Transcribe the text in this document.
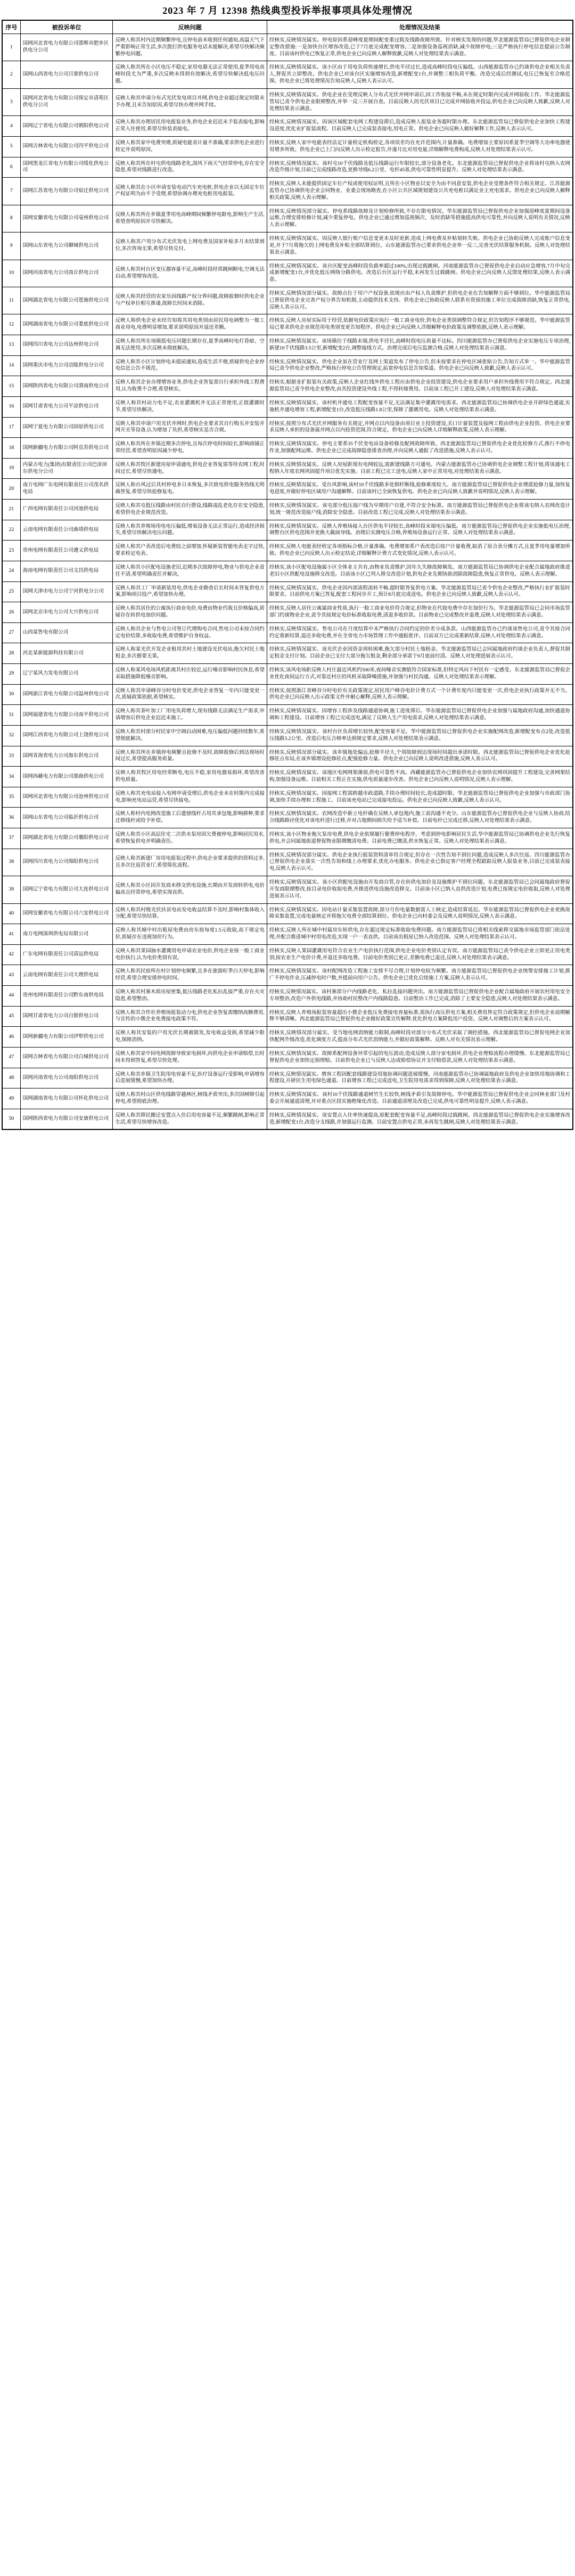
2023 年 7 月 12398 热线典型投诉举报事项具体处理情况
序号	被投诉单位	反映问题	处理情况及结果
1	国网河北省电力有限公司邯郸市肥乡区供电分公司	反映人称其村内近期频繁停电,且停电前未收到任何通知,高温天气下严重影响正常生活,多次拨打供电服务电话未能解决,希望尽快解决频繁停电问题。	经核实,反映情况属实。停电原因系迎峰度夏期间配变重过载及线路故障所致。针对核实发现的问题,华北能源监管局已督促供电企业制定整改措施:一是加快台区增容改造,已于7月底完成配变增容;二是加强设备巡视消缺,减少故障停电;三是严格执行停电信息提前公告制度。目前该村供电已恢复正常,供电企业已向反映人解释致歉,反映人对处理结果表示满意。
2	国网山西省电力公司吕梁供电公司	反映人称其所在小区电压不稳定,家用电器无法正常使用,夏季用电高峰时段尤为严重,多次反映未得到有效解决,希望尽快解决低电压问题。	经核实,反映情况属实。该小区由于用电负荷快速增长,供电半径过长,造成高峰时段电压偏低。山西能源监管办已约谈供电企业相关负责人,督促其立即整改。供电企业已对该台区实施增容改造,新增配变1台,并调整三相负荷平衡。改造完成后经测试,电压已恢复至合格范围。供电企业已将处理情况告知反映人,反映人表示认可。
3	国网河北省电力有限公司保定市清苑区供电分公司	反映人称其申请分布式光伏发电项目并网,供电企业超过规定时限未予办理,且未告知原因,希望尽快办理并网手续。	经核实,反映情况属实。供电企业在受理反映人分布式光伏并网申请后,因工作衔接不畅,未在规定时限内完成并网验收工作。华北能源监管局已责令供电企业限期整改,并举一反三开展自查。目前反映人的光伏项目已完成并网验收并投运,供电企业已向反映人致歉,反映人对处理结果表示满意。
4	国网辽宁省电力有限公司朝阳供电公司	反映人称其办理居民用电报装业务,供电企业迟迟未予装表接电,影响正常入住使用,希望尽快装表接电。	经核实,反映情况属实。因该区域配套电网工程建设滞后,造成反映人报装业务超时限办理。东北能源监管局已督促供电企业加快工程建设进度,优化业扩报装流程。目前反映人已完成装表接电,用电正常。供电企业已向反映人做好解释工作,反映人表示认可。
5	国网吉林省电力有限公司四平供电公司	反映人称其家中电费突增,质疑电能表计量不准确,要求供电企业进行检定并说明原因。	经核实,反映人家中电能表经法定计量检定机构检定,各项误差均在允许范围内,计量准确。电费增加主要原因系夏季空调等大功率电器使用增多所致。供电企业已上门向反映人出示检定报告,并逐月比对用电量,详细解释电费构成,反映人对处理结果表示认可。
6	国网黑龙江省电力有限公司绥化供电公司	反映人称其所在村屯供电线路老化,刮风下雨天气经常停电,存在安全隐患,希望对线路进行改造。	经核实,反映情况属实。该村屯10千伏线路及低压线路运行年限较长,部分设备老化。东北能源监管局已督促供电企业将该村屯纳入农网改造升级计划,目前已完成线路改造,更换导线6.2公里、电杆45基,供电可靠性明显提升。反映人对处理结果表示满意。
7	国网江苏省电力有限公司宿迁供电公司	反映人称其在小区申请安装电动汽车充电桩,供电企业以无固定车位产权证明为由不予受理,希望协调办理充电桩用电报装。	经核实,反映人未能提供固定车位产权或使用权证明,且所在小区物业以安全为由不同意安装,供电企业受理条件符合相关规定。江苏能源监管办已协调供电企业会同物业、业委会现场勘查,在小区公共区域规划建设公共充电桩以满足业主充电需求。供电企业已向反映人解释相关政策,反映人表示理解。
8	国网安徽省电力有限公司亳州供电公司	反映人称其所在乡镇夏季用电高峰期间频繁停电限电,影响生产生活,希望查明原因并尽快解决。	经核实,反映情况部分属实。停电系线路故障及计划检修所致,不存在限电情况。华东能源监管局已督促供电企业加强迎峰度夏期间设备运维,合理安排检修计划,减少重复停电。供电企业已通过增加巡视频次、及时消缺等措施提高供电可靠性,并向反映人说明有关情况,反映人表示理解。
9	国网山东省电力公司聊城供电公司	反映人称其户用分布式光伏发电上网电费及国家补贴多月未结算到位,多次咨询无果,希望尽快兑付。	经核实,反映情况属实。因反映人银行账户信息变更未及时更新,造成上网电费及补贴划转失败。供电企业已协助反映人完成账户信息变更,并于7月将拖欠的上网电费及补贴全部结算到位。山东能源监管办已要求供电企业举一反三,完善光伏结算服务机制。反映人对处理结果表示满意。
10	国网河南省电力公司商丘供电公司	反映人称其村台区变压器容量不足,高峰时段经常跳闸断电,空调无法启动,希望增容改造。	经核实,反映情况属实。该台区配变高峰时段负载率超过100%,出现过载跳闸。河南能源监管办已督促供电企业启动应急增容,7月中旬完成新增配变1台,并优化低压网络分路供电。改造后台区运行平稳,未再发生过载跳闸。供电企业已向反映人反馈处理结果,反映人表示满意。
11	国网湖北省电力有限公司恩施供电公司	反映人称其经营的农家乐因线路产权分界问题,故障报修时供电企业与产权单位相互推诿,故障长时间未消除。	经核实,反映情况部分属实。故障点位于用户产权设备,依规应由产权人负责维护,但供电企业在告知解释方面不够到位。华中能源监管局已督促供电企业完善产权分界告知机制,主动提供技术支持。供电企业已协助反映人联系有资质的施工单位完成故障消缺,恢复正常供电,反映人表示认可。
12	国网湖南省电力有限公司娄底供电公司	反映人称供电企业未经告知将其用电类别由居民用电调整为一般工商业用电,电费明显增加,要求说明原因并退还差额。	经核实,反映人房屋实际用于经营,依据电价政策应执行一般工商业电价,供电企业类别调整符合规定,但告知程序不够规范。华中能源监管局已要求供电企业规范用电类别变更告知程序。供电企业已向反映人详细解释电价政策及调整依据,反映人表示理解。
13	国网四川省电力公司达州供电公司	反映人称其所在场镇低电压问题长期存在,夏季高峰时电灯昏暗、空调无法使用,多次反映未彻底解决。	经核实,反映情况属实。该场镇位于线路末端,供电半径长,高峰时段电压质量不达标。四川能源监管办已督促供电企业实施电压专项治理,新建10千伏线路3.5公里,新增配变2台,调整接线方式。治理完成后电压监测合格,反映人对处理结果表示满意。
14	国网重庆市电力公司涪陵供电分公司	反映人称其小区计划停电未提前通知,造成生活不便,质疑供电企业停电信息公告不规范。	经核实,反映情况属实。供电企业虽在营业厅及网上渠道发布了停电公告,但未按要求在停电区域张贴公告,告知方式单一。华中能源监管局已责令供电企业整改,严格执行停电公告管理规定,拓宽停电信息告知渠道。供电企业已向反映人致歉,反映人表示认可。
15	国网陕西省电力有限公司渭南供电公司	反映人称其企业办理增容业务,供电企业答复需自行承担外线工程费用,认为收费不合理,希望核实。	经核实,根据业扩报装有关政策,反映人企业红线外供电工程应由供电企业投资建设,供电企业要求用户承担外线费用不符合规定。西北能源监管局已责令供电企业整改,由其投资建设外线工程,不得转嫁费用。目前该工程已开工建设,反映人对处理结果表示满意。
16	国网甘肃省电力公司平凉供电公司	反映人称其村动力电不足,农业灌溉机井无法正常使用,正值灌溉时节,希望尽快解决。	经核实,反映情况属实。该村机井通电工程配变容量不足,无法满足集中灌溉用电需求。西北能源监管局已协调供电企业开辟绿色通道,实施机井通电增容工程,新增配变1台,改造低压线路1.8公里,保障了灌溉用电。反映人对处理结果表示满意。
17	国网宁夏电力有限公司固原供电公司	反映人称其申请户用光伏并网时,供电企业要求其自行购买并安装并网开关等设备,认为增加了负担,希望核实是否合规。	经核实,按照分布式光伏并网服务有关规定,并网点以内设备由项目业主投资建设,关口计量装置及接网工程由供电企业投资。供电企业要求反映人承担的设备属并网点以内投资范围,符合规定。供电企业已向反映人详细解释政策,反映人表示理解。
18	国网新疆电力有限公司阿克苏供电公司	反映人称其所在乡镇近期多次停电,且每次停电时间较长,影响商铺正常经营,希望查明原因减少停电。	经核实,反映情况属实。停电主要系35千伏变电站设备检修及配网故障所致。西北能源监管局已督促供电企业优化检修方式,推行不停电作业,加强配网运维。供电企业已完成故障隐患排查治理,并向反映人通报了改进措施,反映人表示认可。
19	内蒙古电力(集团)有限责任公司巴彦淖尔供电分公司	反映人称其牧区新建房屋申请通电,供电企业答复需等待农网工程,时间过长,希望尽快通电。	经核实,反映情况属实。反映人房屋距现有电网较远,需新建线路方可通电。内蒙古能源监管办已协调供电企业调整工程计划,将该通电工程纳入年度农网巩固提升项目优先实施。目前工程已完工送电,反映人家中正常用电,对处理结果表示满意。
20	南方电网广东电网有限责任公司茂名供电局	反映人称台风过后其村停电多日未恢复,多次致电供电服务热线无明确答复,希望尽快抢修复电。	经核实,反映情况属实。受台风影响,该村10千伏线路多处倒杆断线,抢修难度较大。南方能源监管局已督促供电企业增派抢修力量,加快复电进度,并做好停电区域用户沟通解释。目前该村已全面恢复供电。供电企业已向反映人致歉并说明情况,反映人表示理解。
21	广西电网有限责任公司河池供电局	反映人称其屯低压线路由村民自行搭设,线路凌乱老化存在安全隐患,希望供电企业规范改造。	经核实,反映情况属实。该屯部分低压接户线为早期用户自建,不符合安全标准。南方能源监管局已督促供电企业将该屯纳入农网改造计划,统一规范改造接户线,消除安全隐患。目前改造工程已完成,反映人对处理结果表示满意。
22	云南电网有限责任公司曲靖供电局	反映人称其养殖场用电电压偏低,增氧设备无法正常运行,造成经济损失,希望尽快解决电压问题。	经核实,反映情况属实。反映人养殖场接入台区供电半径较长,高峰时段末端电压偏低。南方能源监管局已督促供电企业实施低电压治理,调整台区供电范围并更换大截面导线。治理后实测电压合格,养殖场设备运行正常。反映人对处理结果表示满意。
23	贵州电网有限责任公司遵义供电局	反映人称其户表改造后电费较之前增加,怀疑新装智能电表走字过快,要求检定电表。	经核实,反映人电能表经检定各项指标合格,计量准确。电费增加系户表改造后按户计量收费,取消了原合表分摊方式,且夏季用电量增加所致。供电企业已向反映人出示检定结论,详细解释计费方式变化情况,反映人表示认可。
24	海南电网有限责任公司文昌供电局	反映人称其小区配电设施老旧,近期多次故障停电,物业与供电企业责任不清,希望明确责任并解决。	经核实,该小区配电设施属小区全体业主共有,由物业负责维护,因年久失修故障频发。南方能源监管局已协调供电企业配合属地政府推进老旧小区供配电设施移交改造。目前该小区已列入移交改造计划,供电企业先期协助消除故障隐患,恢复正常供电。反映人表示理解。
25	国网天津市电力公司宁河供电分公司	反映人称其工厂申请新装用电,供电企业勘查后长时间未答复供电方案,影响项目投产,希望加快办理。	经核实,反映情况属实。供电企业因内部流程流转不畅,超时限答复供电方案。华北能源监管局已责令供电企业整改,严格执行业扩报装时限要求。目前供电方案已答复,配套工程同步开工,预计8月底完成送电。供电企业已向反映人致歉,反映人表示认可。
26	国网北京市电力公司大兴供电公司	反映人称其居住的公寓执行商业电价,电费由物业代收且价格偏高,质疑存在转供电加价问题。	经核实,反映人居住公寓属商业性质,执行一般工商业电价符合规定,但物业在代收电费中存在加价行为。华北能源监管局已会同市场监管部门约谈物业企业,责令其按规定电价标准收取电费,清退多收价款。目前物业已完成整改并退费,反映人对处理结果表示满意。
27	山西某售电有限公司	反映人称其企业与售电公司签订代理购电合同,售电公司未按合同约定电价结算,多收取电费,希望维护自身权益。	经核实,反映情况属实。售电公司在月度结算中未严格执行合同约定的价差分成条款。山西能源监管办已约谈该售电公司,责令其按合同约定重新结算,退还多收电费,并在全省电力市场管理工作中通报批评。目前双方已完成重新结算,反映人对处理结果表示满意。
28	河北某新能源科技有限公司	反映人称某光伏开发企业租用其村土地建设光伏电站,拖欠村民土地租金,多次催要无果。	经核实,反映情况属实。该光伏企业因资金周转困难,拖欠部分村民土地租金。华北能源监管局已会同属地政府约谈企业负责人,督促其制定租金支付计划。目前企业已支付大部分拖欠租金,剩余部分承诺于9月底前付清。反映人对处理进展表示认可。
29	辽宁某风力发电有限公司	反映人称某风电场风机距离其村庄较近,运行噪音影响村民休息,希望采取措施降低噪音影响。	经核实,该风电场距反映人村庄最近风机约500米,夜间噪音实测值符合国家标准,但特定风向下村民有一定感受。东北能源监管局已督促企业优化夜间运行方式,对靠近村庄的风机采取降噪措施,并加强与村民沟通。反映人对处理结果表示理解。
30	国网浙江省电力有限公司温州供电公司	反映人称其申请峰谷分时电价变更,供电企业答复一年内只能变更一次,质疑政策依据,希望核实。	经核实,按照浙江省峰谷分时电价有关政策规定,居民用户峰谷电价计费方式一个计费年度内只能变更一次,供电企业执行政策并无不当。供电企业已向反映人出示政策文件并耐心解释,反映人表示理解。
31	国网福建省电力有限公司南平供电公司	反映人称其茶叶加工厂用电负荷增大,现有线路无法满足生产需求,申请增容后供电企业迟迟未施工。	经核实,反映情况属实。因增容工程涉及线路通道协调,施工进度滞后。华东能源监管局已督促供电企业加强与属地政府沟通,加快通道协调和工程建设。目前增容工程已完成送电,满足了反映人生产用电需求,反映人对处理结果表示满意。
32	国网江西省电力有限公司上饶供电公司	反映人称其村部分村民家中空调启动困难,电压偏低问题持续数年,希望彻底解决。	经核实,反映情况属实。该村台区负荷增长较快,配变容量不足。华中能源监管局已督促供电企业实施配网改造,新增配变布点2处,改造低压线路3.2公里。改造后电压合格率达到规定要求,反映人对处理结果表示满意。
33	国网青海省电力公司海东供电公司	反映人称其所在乡镇停电频繁且抢修不及时,故障报修后到达现场时间过长,希望提高服务质量。	经核实,反映情况部分属实。该乡镇地处偏远,抢修半径大,个别故障到达现场时间超出承诺时限。西北能源监管局已督促供电企业优化抢修驻点布局,在该乡镇增设抢修驻点,配强抢修力量。供电企业已向反映人说明改进措施,反映人表示认可。
34	国网西藏电力有限公司那曲供电公司	反映人称其牧区用电经常断电,电压不稳,家用电器易损坏,希望改善供电质量。	经核实,反映情况属实。该地区电网网架薄弱,供电可靠性不高。西藏能源监管办已督促供电企业加快农网巩固提升工程建设,完善网架结构,加强设备运维。目前相关工程正在实施,供电质量逐步改善。供电企业已向反映人说明情况,反映人表示理解。
35	国网河北省电力有限公司沧州供电公司	反映人称其充电站接入电网申请受理后,供电企业未在时限内完成接电,影响充电站运营,希望尽快接电。	经核实,反映情况属实。因接网工程需跨越市政道路,手续办理时间较长,造成超时限。华北能源监管局已督促供电企业加强与市政部门协调,加快手续办理和工程施工。目前该充电站已完成接电投运。供电企业已向反映人致歉,反映人表示认可。
36	国网山东省电力公司临沂供电公司	反映人称村内电网改造施工后遗留线杆占用其承包地,影响耕种,要求迁移线杆或给予补偿。	经核实,反映情况属实。农网改造中新立电杆确在反映人承包地内,施工前沟通不充分。山东能源监管办已督促供电企业与反映人协商,结合线路路径优化对该电杆进行迁移,并对占地期间损失给予适当补偿。目前电杆已完成迁移,反映人对处理结果表示满意。
37	国网湖北省电力有限公司襄阳供电公司	反映人称其小区高层住宅二次供水泵房因欠费被停电,影响居民用水,希望恢复供电并明确责任。	经核实,该小区物业拖欠泵房电费,供电企业依规履行催费停电程序。考虑到停电影响居民生活,华中能源监管局已协调供电企业先行恢复供电,并会同属地街道督促物业限期缴清电费。目前电费已缴清,供水恢复正常。反映人对处理结果表示满意。
38	国网四川省电力公司绵阳供电公司	反映人称其新建厂房用电报装过程中,供电企业要求提供的资料过多,且多次往返营业厅,希望简化流程。	经核实,反映情况部分属实。供电企业执行报装资料清单符合规定,但存在一次性告知不到位问题,造成反映人多次往返。四川能源监管办已督促供电企业落实一次性告知和线上办理要求,优化办电服务。供电企业已指定客户经理全程跟踪反映人报装业务,目前已完成装表接电,反映人表示认可。
39	国网辽宁省电力有限公司大连供电公司	反映人称其小区因开发商未移交供电设施,长期由开发商转供电,电价偏高且经常停电,希望实现直供。	经核实,反映情况属实。该小区供配电设施由开发商自管,存在转供电加价及设施维护不到位问题。东北能源监管局已会同属地政府督促开发商限期整改,按目录电价收取电费,并推进供电设施改造移交。目前该小区已纳入直供改造计划,电费已按规定电价收取,反映人对处理进展表示认可。
40	国网安徽省电力有限公司六安供电公司	反映人称其村级光伏扶贫电站发电收益结算不及时,影响村集体收入分配,希望尽快结算。	经核实,反映情况属实。因电站计量采集装置故障,部分月份电量数据需人工核定,造成结算延迟。华东能源监管局已督促供电企业更换故障采集装置,完成电量核定并将拖欠电费全部结算到位。供电企业已向村委会及反映人说明情况,反映人表示满意。
41	南方电网深圳供电局有限公司	反映人称其城中村出租屋电费由房东按每度1.5元收取,高于规定电价,质疑存在违规加价行为。	经核实,反映人所在城中村属房东转供电,存在超过规定标准收取电费问题。南方能源监管局已将相关线索移交属地市场监管部门依法处理,并配合推进城中村用电改造,实现一户一表直供。目前该出租屋已纳入改造范围。反映人对处理结果表示认可。
42	广东电网有限责任公司清远供电局	反映人称其果园抽水灌溉用电申请农业电价,供电企业按一般工商业电价执行,认为电价类别有误。	经核实,反映人果园灌溉用电符合农业生产电价执行范围,供电企业电价类别认定有误。南方能源监管局已责令供电企业立即更正用电类别,按农业生产电价计费,并退还多收电费。目前电价类别已更正,差额电费已退还,反映人对处理结果表示满意。
43	云南电网有限责任公司大理供电局	反映人称其民宿所在村计划停电频繁,且多在旅游旺季白天停电,影响经营,希望合理安排停电时间。	经核实,反映情况属实。该村配网改造工程施工安排不尽合理,计划停电较为频繁。南方能源监管局已督促供电企业统筹安排施工计划,推广不停电作业,压减停电时户数,并提前向用户公告。供电企业已优化后续施工方案,反映人表示认可。
44	贵州电网有限责任公司黔东南供电局	反映人称其村寨木质房屋密集,低压线路老化私拉乱接严重,存在火灾隐患,希望整治。	经核实,反映情况属实。该村寨部分户内线路老化、私拉乱接问题突出。南方能源监管局已督促供电企业配合属地政府开展农村用电安全专项整治,改造户外供电线路,并协助村民整改户内线路隐患。目前整治工作已完成,消除了主要安全隐患,反映人对处理结果表示满意。
45	国网甘肃省电力公司白银供电公司	反映人称其合作社养殖场报装动力电,供电企业答复需缴纳高额费用,与宣传的小微企业免费接电政策不符。	经核实,反映人养殖场报装容量超出小微企业低压免费接电容量标准,需执行高压供电方案,相关费用界定符合政策规定,但供电企业前期解释不够清晰。西北能源监管局已督促供电企业做好政策宣传解释,优化供电方案降低用户投资。反映人对调整后的方案表示认可。
46	国网新疆电力有限公司伊犁供电公司	反映人称其安装的户用光伏长期被限发,发电收益受损,希望减少限电,保障消纳。	经核实,反映情况部分属实。受当地电网消纳能力限制,高峰时段对部分分布式光伏采取了调控措施。西北能源监管局已督促电网企业加快配网升级改造,优化调度方式,提高分布式光伏消纳能力,并做好政策解释。反映人对有关情况表示理解。
47	国网吉林省电力有限公司白城供电公司	反映人称其家中因电网故障导致家电损坏,向供电企业申请赔偿,长时间未得到答复,希望尽快处理。	经核实,反映情况属实。故障系配网设备异常引起的电压波动,造成反映人部分家电损坏,供电企业理赔流程办理缓慢。东北能源监管局已督促供电企业加快定损理赔。目前供电企业已与反映人达成赔偿协议并支付赔偿款,反映人对处理结果表示满意。
48	国网河南省电力公司南阳供电公司	反映人称其乡镇卫生院用电容量不足,医疗设备运行受影响,申请增容后进展缓慢,希望加快办理。	经核实,反映情况属实。增容工程因配套线路建设用地协调问题进展缓慢。河南能源监管办已协调属地政府及供电企业加快用地协调和工程建设,开辟民生用电绿色通道。目前增容工程已完成送电,卫生院用电需求得到保障,反映人对处理结果表示满意。
49	国网湖南省电力有限公司怀化供电公司	反映人称其村山区供电线路穿越林区,树线矛盾突出,多次因树障引起停电,希望彻底治理。	经核实,反映情况属实。该村10千伏线路通道树竹生长较快,树线矛盾引发故障停电。华中能源监管局已督促供电企业会同林业部门及村委会开展通道清理,并对重点区段实施绝缘化改造。目前通道清理及改造已完成,供电可靠性明显提升,反映人表示满意。
50	国网陕西省电力有限公司安康供电公司	反映人称其移民搬迁安置点入住后用电容量不足,频繁跳闸,影响正常生活,希望尽快增容改造。	经核实,反映情况属实。该安置点入住率快速提高,原配套配变容量不足,高峰时段过载跳闸。西北能源监管局已督促供电企业实施增容改造,新增配变1台,改造分支线路,并加强运行监测。目前安置点供电正常,未再发生跳闸,反映人对处理结果表示满意。
